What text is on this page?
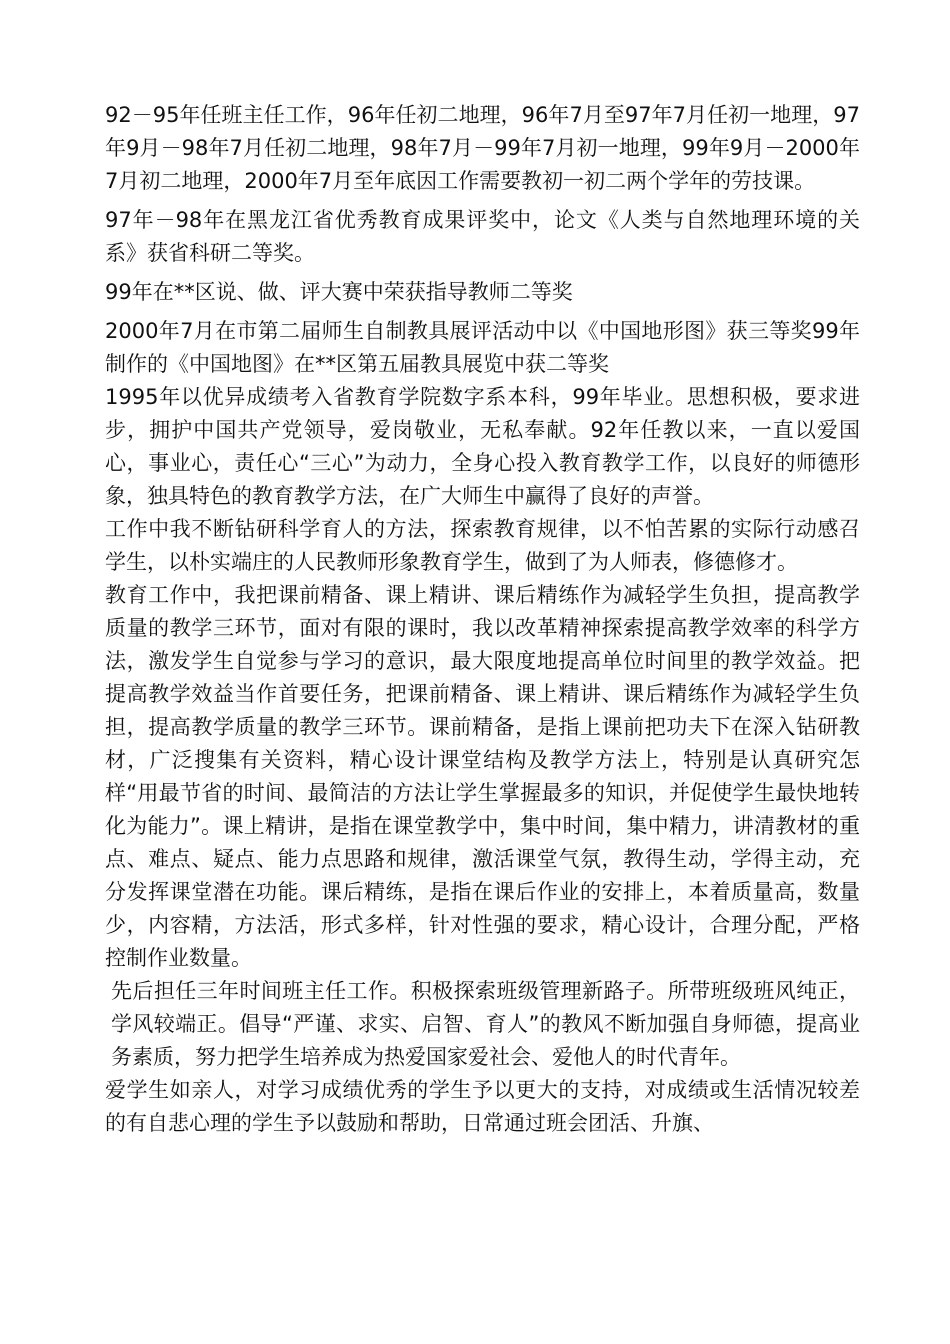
92－95年任班主任工作，96年任初二地理，96年7月至97年7月任初一地理，97年9月－98年7月任初二地理，98年7月－99年7月初一地理，99年9月－2000年7月初二地理，2000年7月至年底因工作需要教初一初二两个学年的劳技课。

97年－98年在黑龙江省优秀教育成果评奖中，论文《人类与自然地理环境的关系》获省科研二等奖。

99年在**区说、做、评大赛中荣获指导教师二等奖

2000年7月在市第二届师生自制教具展评活动中以《中国地形图》获三等奖99年制作的《中国地图》在**区第五届教具展览中获二等奖

1995年以优异成绩考入省教育学院数字系本科，99年毕业。思想积极，要求进步，拥护中国共产党领导，爱岗敬业，无私奉献。92年任教以来，一直以爱国心，事业心，责任心“三心”为动力，全身心投入教育教学工作，以良好的师德形象，独具特色的教育教学方法，在广大师生中赢得了良好的声誉。

工作中我不断钻研科学育人的方法，探索教育规律，以不怕苦累的实际行动感召学生，以朴实端庄的人民教师形象教育学生，做到了为人师表，修德修才。

教育工作中，我把课前精备、课上精讲、课后精练作为减轻学生负担，提高教学质量的教学三环节，面对有限的课时，我以改革精神探索提高教学效率的科学方法，激发学生自觉参与学习的意识，最大限度地提高单位时间里的教学效益。把提高教学效益当作首要任务，把课前精备、课上精讲、课后精练作为减轻学生负担，提高教学质量的教学三环节。课前精备，是指上课前把功夫下在深入钻研教材，广泛搜集有关资料，精心设计课堂结构及教学方法上，特别是认真研究怎样“用最节省的时间、最简洁的方法让学生掌握最多的知识，并促使学生最快地转化为能力”。课上精讲，是指在课堂教学中，集中时间，集中精力，讲清教材的重点、难点、疑点、能力点思路和规律，激活课堂气氛，教得生动，学得主动，充分发挥课堂潜在功能。课后精练，是指在课后作业的安排上，本着质量高，数量少，内容精，方法活，形式多样，针对性强的要求，精心设计，合理分配，严格控制作业数量。

先后担任三年时间班主任工作。积极探索班级管理新路子。所带班级班风纯正，学风较端正。倡导“严谨、求实、启智、育人”的教风不断加强自身师德，提高业务素质，努力把学生培养成为热爱国家爱社会、爱他人的时代青年。

爱学生如亲人，对学习成绩优秀的学生予以更大的支持，对成绩或生活情况较差的有自悲心理的学生予以鼓励和帮助，日常通过班会团活、升旗、
